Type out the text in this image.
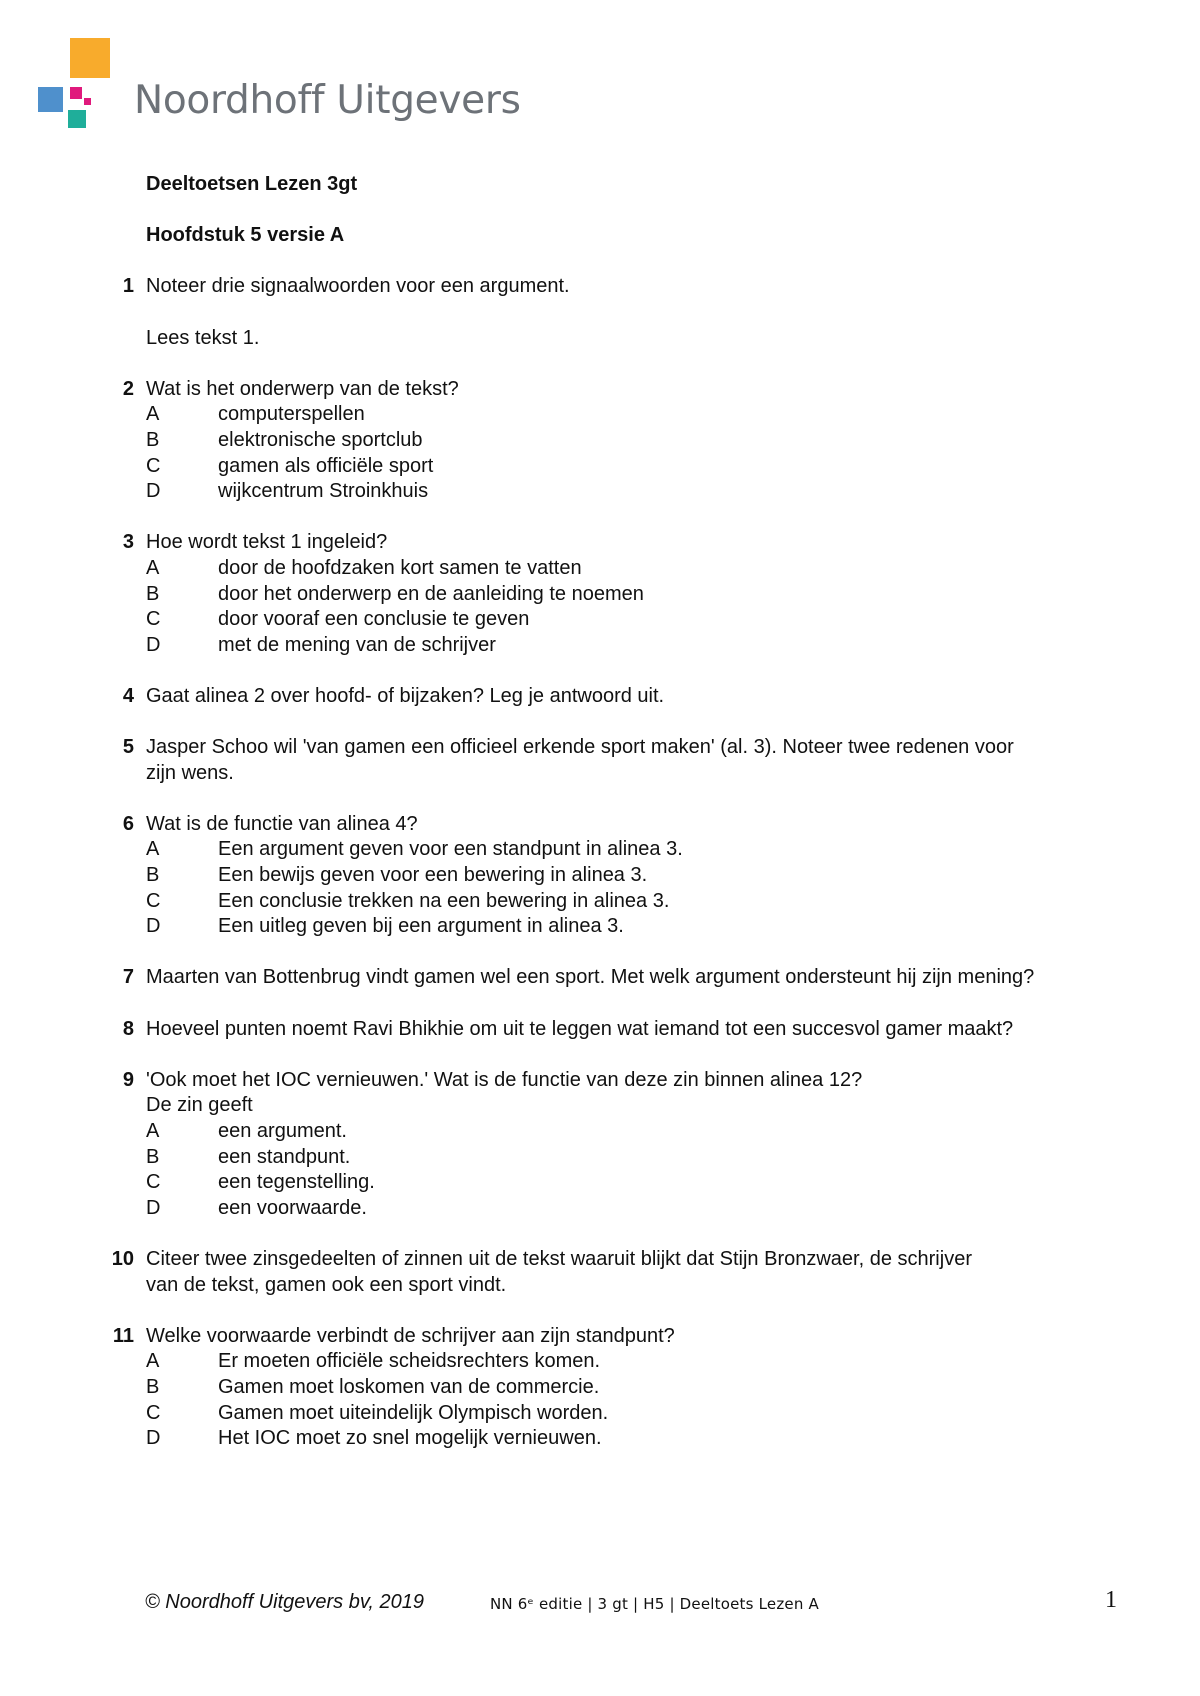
Noordhoff Uitgevers
Deeltoetsen Lezen 3gt
Hoofdstuk 5 versie A
1 Noteer drie signaalwoorden voor een argument.
Lees tekst 1.
2 Wat is het onderwerp van de tekst?
A	computerspellen
B	elektronische sportclub
C	gamen als officiële sport
D	wijkcentrum Stroinkhuis
3 Hoe wordt tekst 1 ingeleid?
A	door de hoofdzaken kort samen te vatten
B	door het onderwerp en de aanleiding te noemen
C	door vooraf een conclusie te geven
D	met de mening van de schrijver
4 Gaat alinea 2 over hoofd- of bijzaken? Leg je antwoord uit.
5 Jasper Schoo wil 'van gamen een officieel erkende sport maken' (al. 3). Noteer twee redenen voor zijn wens.
6 Wat is de functie van alinea 4?
A	Een argument geven voor een standpunt in alinea 3.
B	Een bewijs geven voor een bewering in alinea 3.
C	Een conclusie trekken na een bewering in alinea 3.
D	Een uitleg geven bij een argument in alinea 3.
7 Maarten van Bottenbrug vindt gamen wel een sport. Met welk argument ondersteunt hij zijn mening?
8 Hoeveel punten noemt Ravi Bhikhie om uit te leggen wat iemand tot een succesvol gamer maakt?
9 'Ook moet het IOC vernieuwen.' Wat is de functie van deze zin binnen alinea 12?
De zin geeft
A	een argument.
B	een standpunt.
C	een tegenstelling.
D	een voorwaarde.
10 Citeer twee zinsgedeelten of zinnen uit de tekst waaruit blijkt dat Stijn Bronzwaer, de schrijver van de tekst, gamen ook een sport vindt.
11 Welke voorwaarde verbindt de schrijver aan zijn standpunt?
A	Er moeten officiële scheidsrechters komen.
B	Gamen moet loskomen van de commercie.
C	Gamen moet uiteindelijk Olympisch worden.
D	Het IOC moet zo snel mogelijk vernieuwen.
© Noordhoff Uitgevers bv, 2019	NN 6ᵉ editie | 3 gt | H5 | Deeltoets Lezen A	1
